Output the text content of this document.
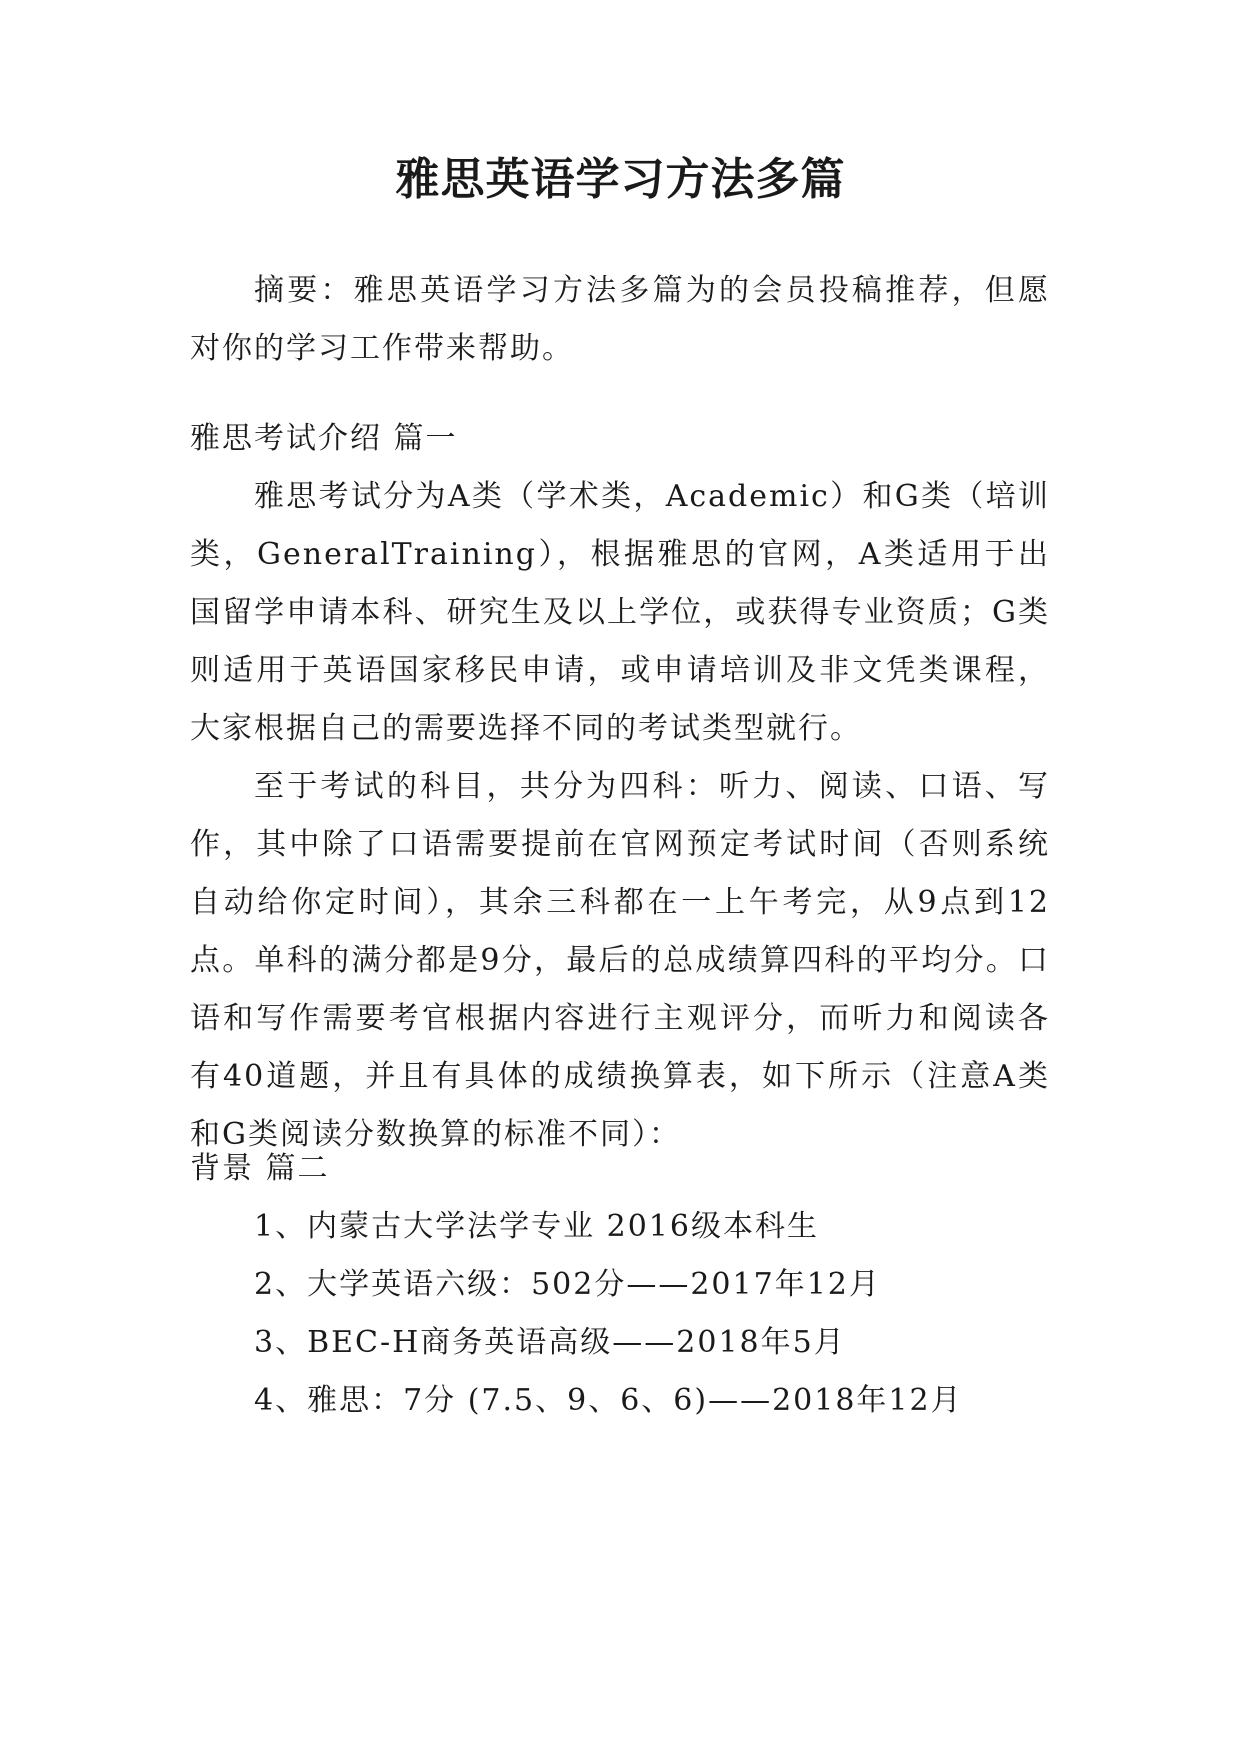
雅思英语学习方法多篇

摘要：雅思英语学习方法多篇为的会员投稿推荐，但愿对你的学习工作带来帮助。

雅思考试介绍 篇一

雅思考试分为A类（学术类，Academic）和G类（培训类，GeneralTraining），根据雅思的官网，A类适用于出国留学申请本科、研究生及以上学位，或获得专业资质；G类则适用于英语国家移民申请，或申请培训及非文凭类课程，大家根据自己的需要选择不同的考试类型就行。

至于考试的科目，共分为四科：听力、阅读、口语、写作，其中除了口语需要提前在官网预定考试时间（否则系统自动给你定时间），其余三科都在一上午考完，从9点到12点。单科的满分都是9分，最后的总成绩算四科的平均分。口语和写作需要考官根据内容进行主观评分，而听力和阅读各有40道题，并且有具体的成绩换算表，如下所示（注意A类和G类阅读分数换算的标准不同）：

背景 篇二

1、内蒙古大学法学专业 2016级本科生

2、大学英语六级：502分——2017年12月

3、BEC-H商务英语高级——2018年5月

4、雅思：7分 (7.5、9、6、6)——2018年12月
